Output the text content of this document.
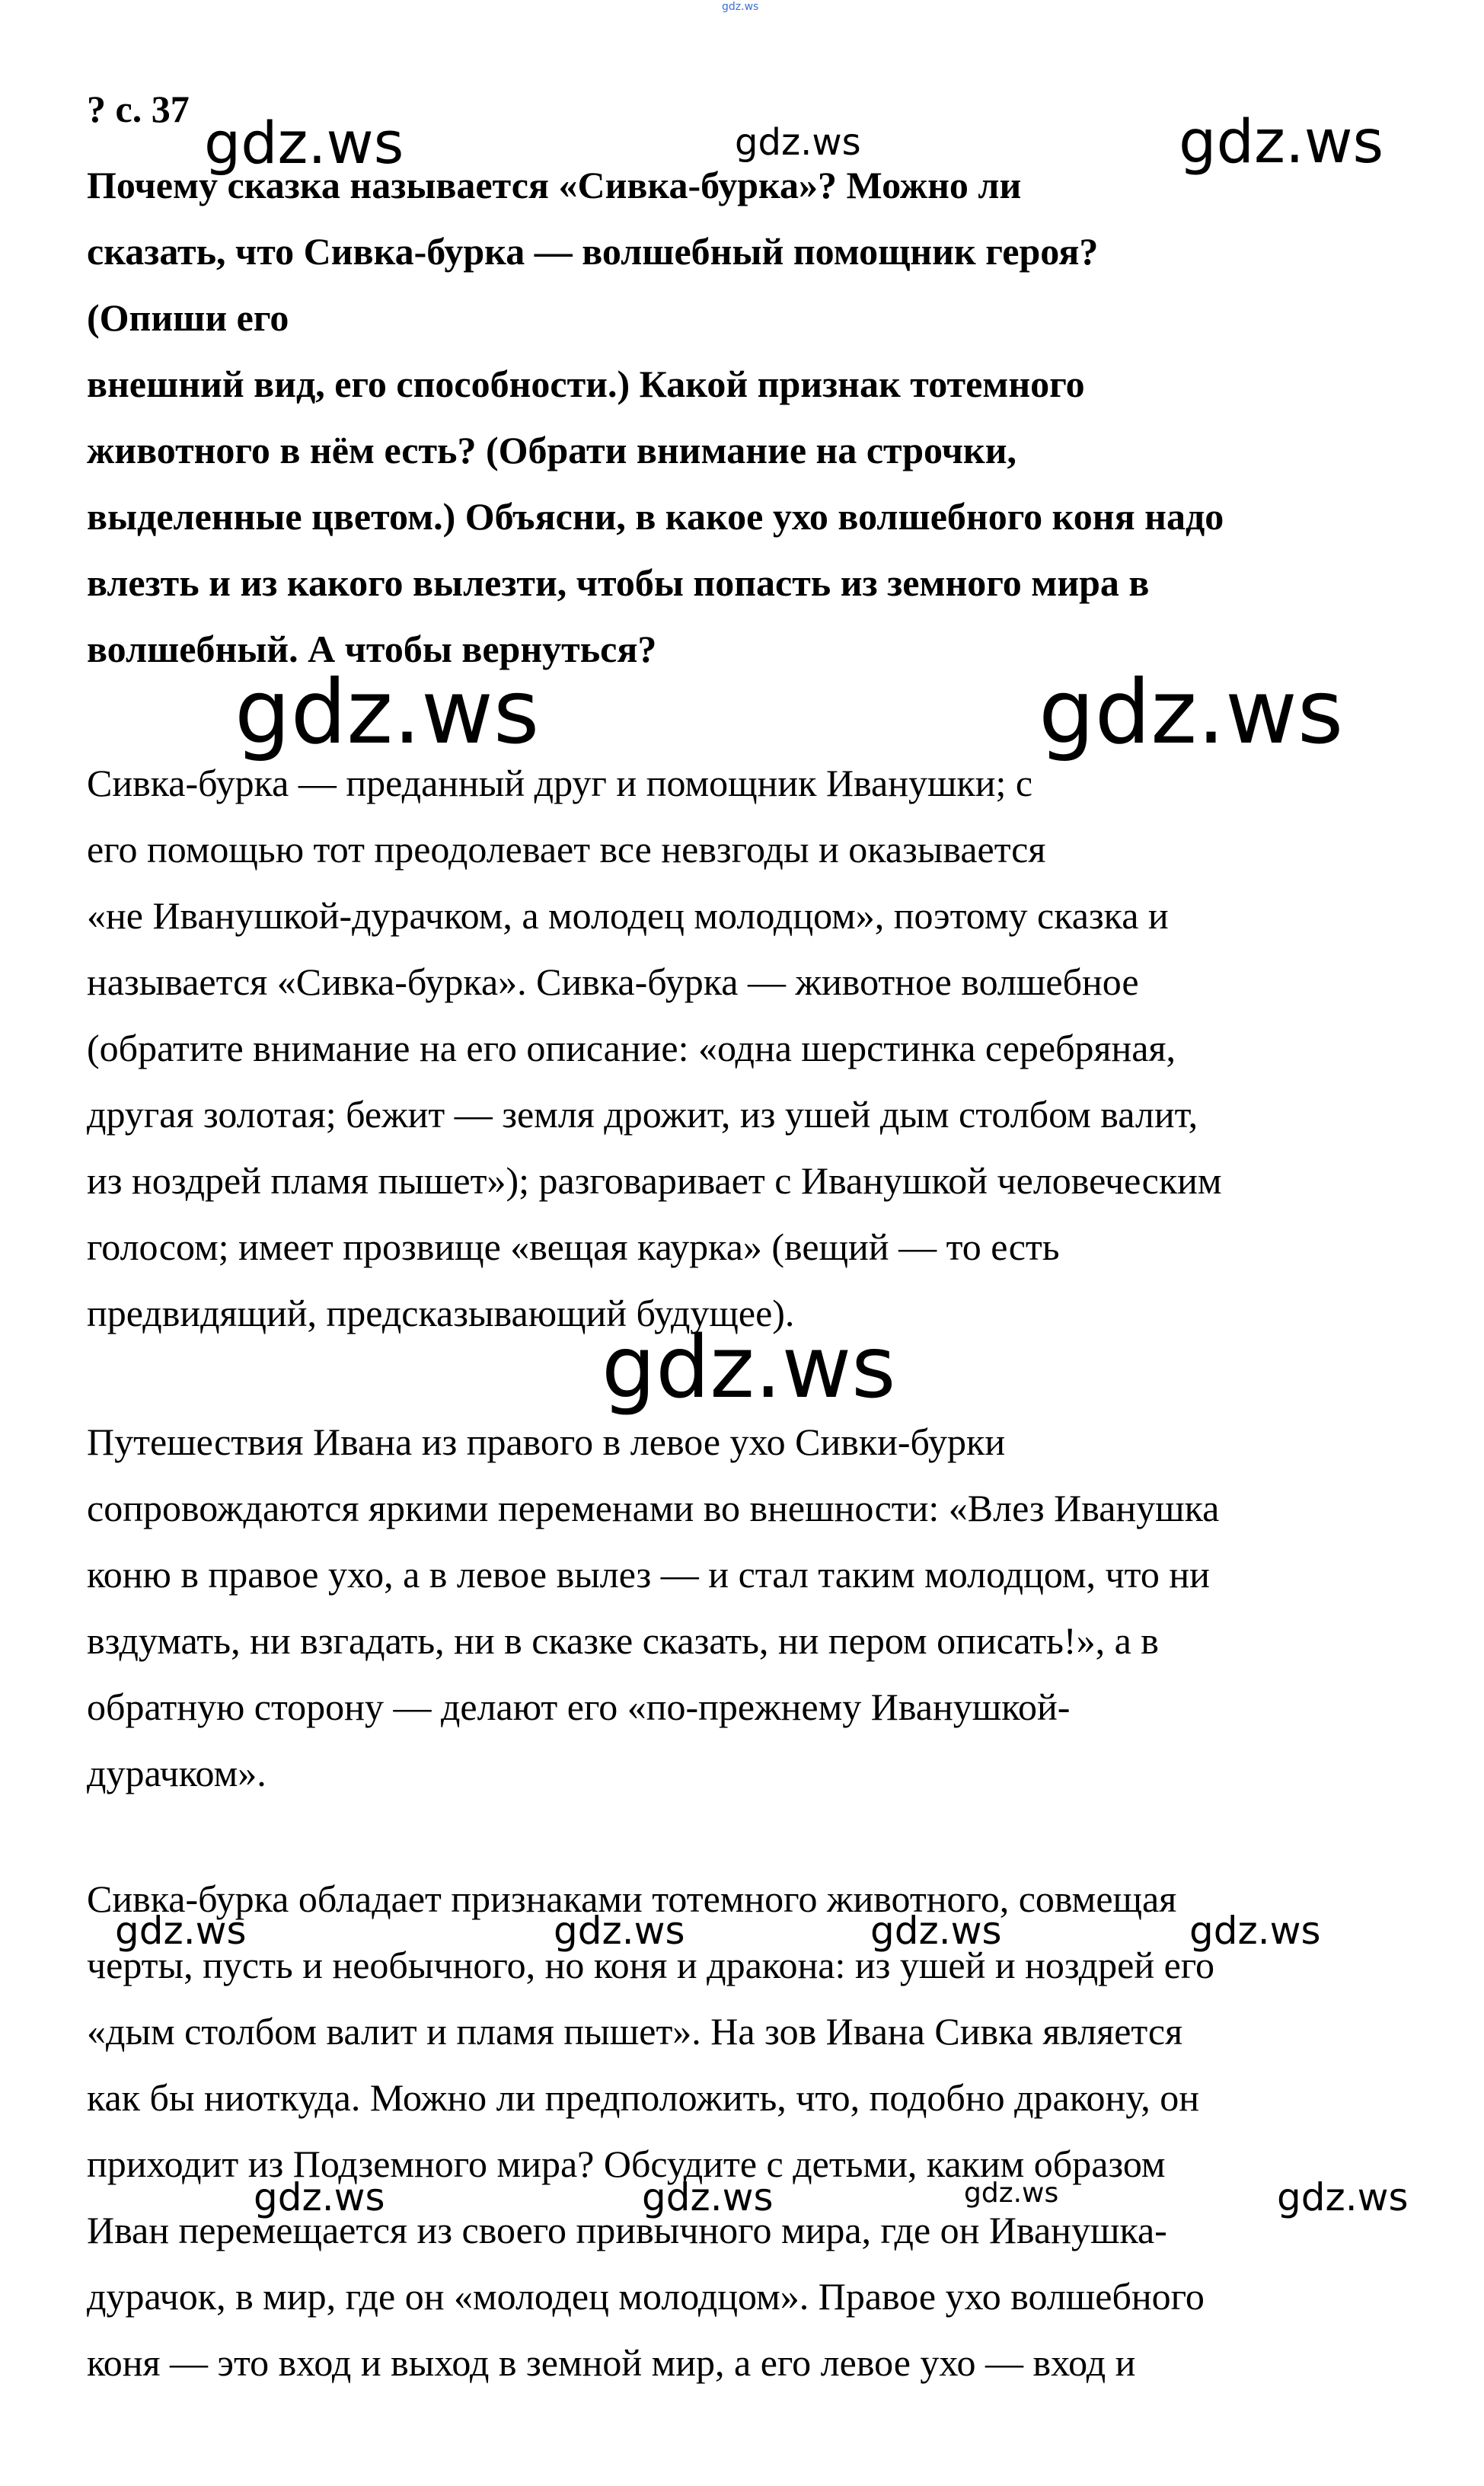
? с. 37
Почему сказка называется «Сивка-бурка»? Можно ли
сказать, что Сивка-бурка — волшебный помощник героя?
(Опиши его
внешний вид, его способности.) Какой признак тотемного
животного в нём есть? (Обрати внимание на строчки,
выделенные цветом.) Объясни, в какое ухо волшебного коня надо
влезть и из какого вылезти, чтобы попасть из земного мира в
волшебный. А чтобы вернуться?
Сивка-бурка — преданный друг и помощник Иванушки; с
его помощью тот преодолевает все невзгоды и оказывается
«не Иванушкой-дурачком, а молодец молодцом», поэтому сказка и
называется «Сивка-бурка». Сивка-бурка — животное волшебное
(обратите внимание на его описание: «одна шерстинка серебряная,
другая золотая; бежит — земля дрожит, из ушей дым столбом валит,
из ноздрей пламя пышет»); разговаривает с Иванушкой человеческим
голосом; имеет прозвище «вещая каурка» (вещий — то есть
предвидящий, предсказывающий будущее).
Путешествия Ивана из правого в левое ухо Сивки-бурки
сопровождаются яркими переменами во внешности: «Влез Иванушка
коню в правое ухо, а в левое вылез — и стал таким молодцом, что ни
вздумать, ни взгадать, ни в сказке сказать, ни пером описать!», а в
обратную сторону — делают его «по-прежнему Иванушкой-
дурачком».
Сивка-бурка обладает признаками тотемного животного, совмещая
черты, пусть и необычного, но коня и дракона: из ушей и ноздрей его
«дым столбом валит и пламя пышет». На зов Ивана Сивка является
как бы ниоткуда. Можно ли предположить, что, подобно дракону, он
приходит из Подземного мира? Обсудите с детьми, каким образом
Иван перемещается из своего привычного мира, где он Иванушка-
дурачок, в мир, где он «молодец молодцом». Правое ухо волшебного
коня — это вход и выход в земной мир, а его левое ухо — вход и
gdz.ws
gdz.ws	gdz.ws	gdz.ws
gdz.ws	gdz.ws
gdz.ws
gdz.ws	gdz.ws	gdz.ws	gdz.ws
gdz.ws	gdz.ws	gdz.ws	gdz.ws
